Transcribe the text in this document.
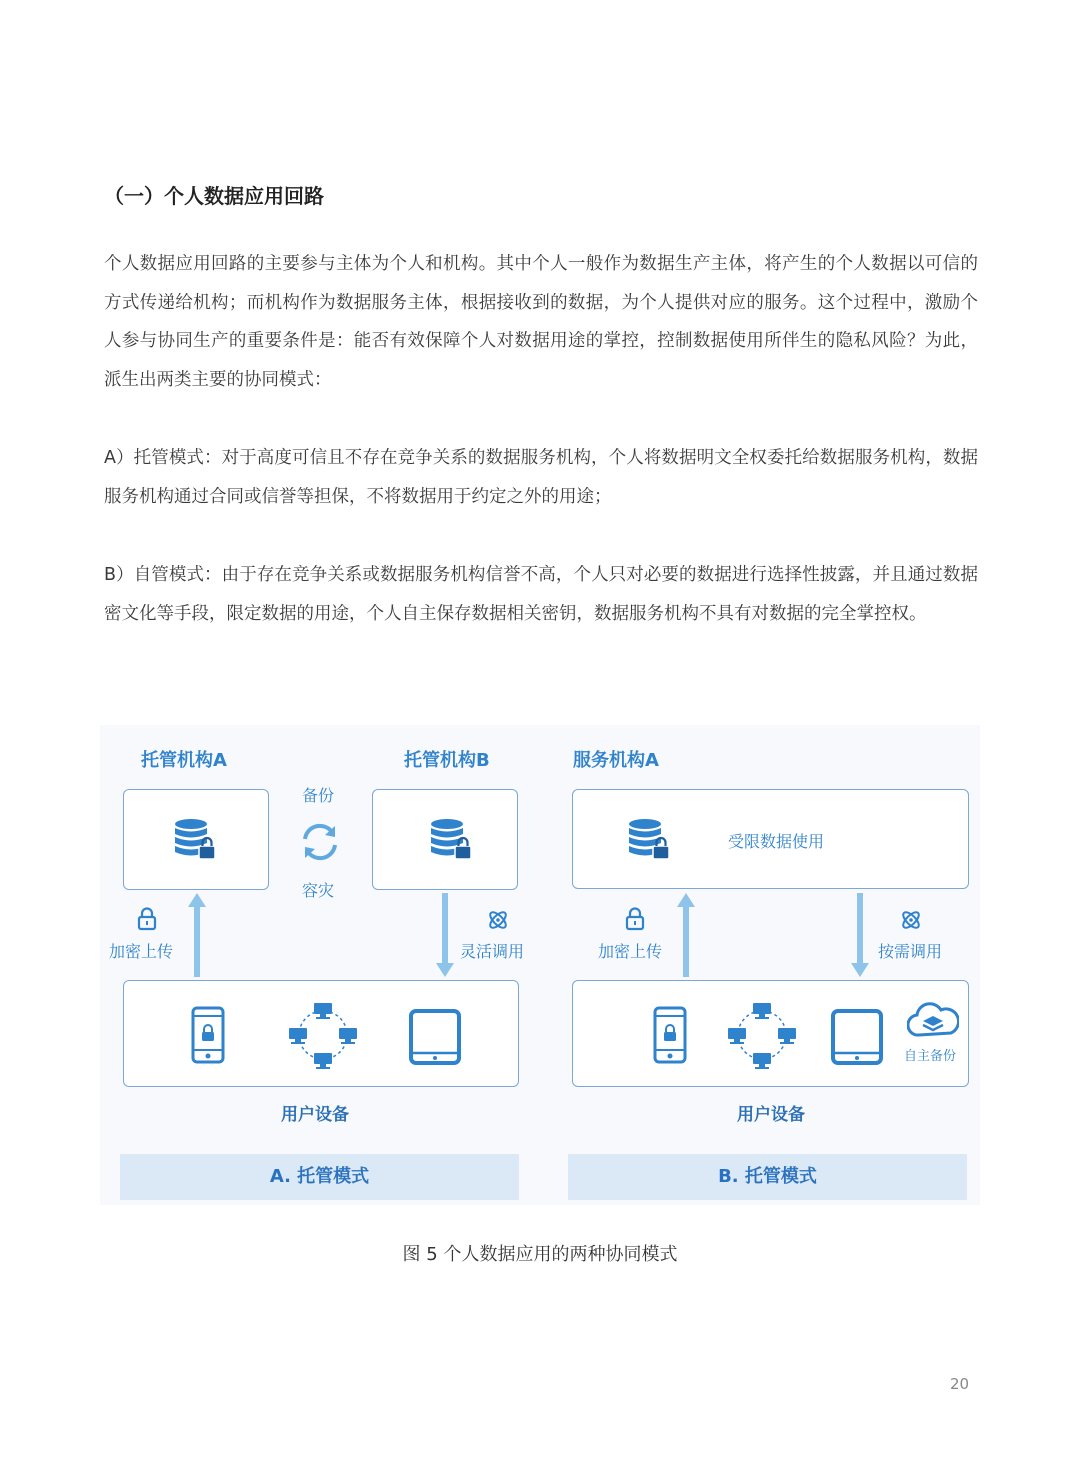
（一）个人数据应用回路
个人数据应用回路的主要参与主体为个人和机构。其中个人一般作为数据生产主体，将产生的个人数据以可信的方式传递给机构；而机构作为数据服务主体，根据接收到的数据，为个人提供对应的服务。这个过程中，激励个人参与协同生产的重要条件是：能否有效保障个人对数据用途的掌控，控制数据使用所伴生的隐私风险？为此，派生出两类主要的协同模式：
A）托管模式：对于高度可信且不存在竞争关系的数据服务机构，个人将数据明文全权委托给数据服务机构，数据服务机构通过合同或信誉等担保，不将数据用于约定之外的用途；
B）自管模式：由于存在竞争关系或数据服务机构信誉不高，个人只对必要的数据进行选择性披露，并且通过数据密文化等手段，限定数据的用途，个人自主保存数据相关密钥，数据服务机构不具有对数据的完全掌控权。
托管机构A	托管机构B
备份
容灾
加密上传	灵活调用
用户设备
A. 托管模式
服务机构A
受限数据使用
加密上传	按需调用
自主备份
用户设备
B. 托管模式
图 5 个人数据应用的两种协同模式
20
